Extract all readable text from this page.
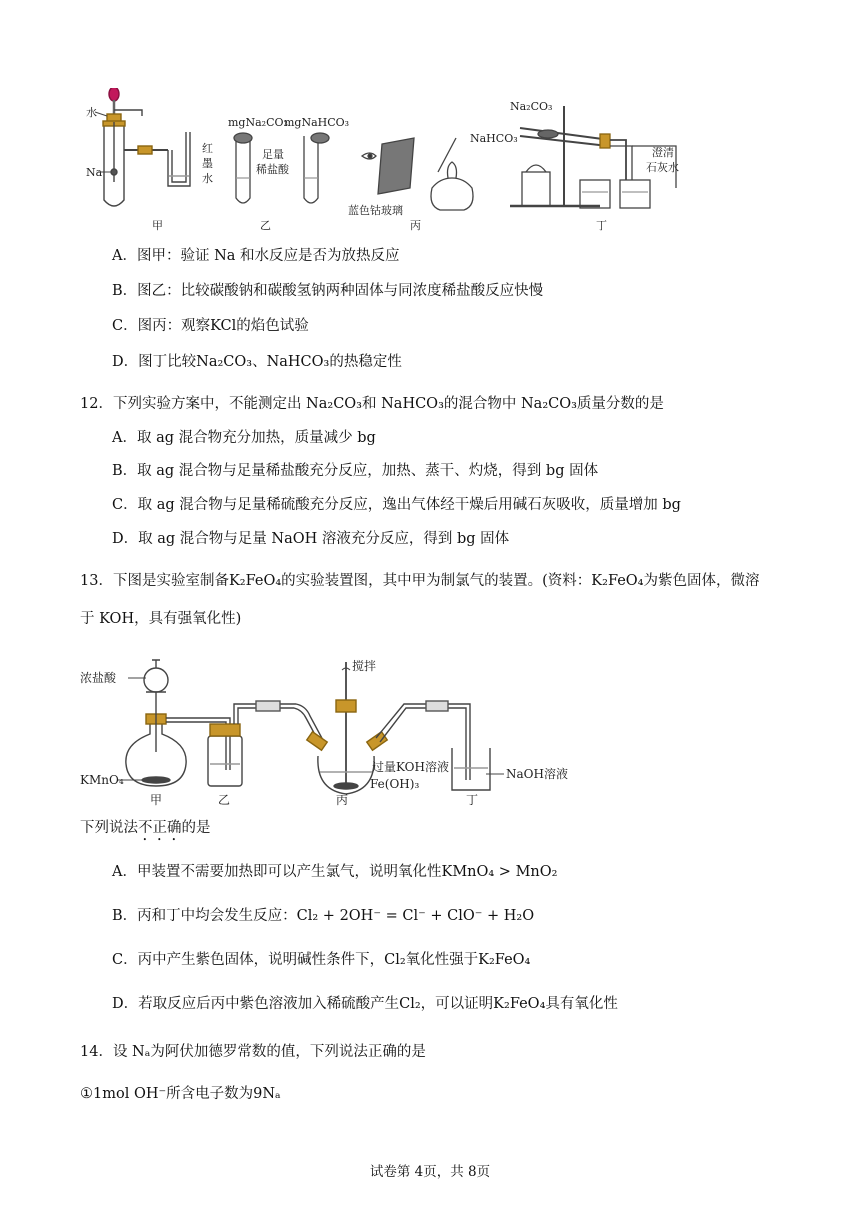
水
Na
红
墨
水
甲
mgNa₂CO₃
mgNaHCO₃
足量
稀盐酸
乙
蓝色钴玻璃
丙
Na₂CO₃
NaHCO₃
澄清
石灰水
丁
A．图甲：验证 Na 和水反应是否为放热反应
B．图乙：比较碳酸钠和碳酸氢钠两种固体与同浓度稀盐酸反应快慢
C．图丙：观察KCl的焰色试验
D．图丁比较Na₂CO₃、NaHCO₃的热稳定性
12．下列实验方案中，不能测定出 Na₂CO₃和 NaHCO₃的混合物中 Na₂CO₃质量分数的是
A．取 ag 混合物充分加热，质量减少 bg
B．取 ag 混合物与足量稀盐酸充分反应，加热、蒸干、灼烧，得到 bg 固体
C．取 ag 混合物与足量稀硫酸充分反应，逸出气体经干燥后用碱石灰吸收，质量增加 bg
D．取 ag 混合物与足量 NaOH 溶液充分反应，得到 bg 固体
13．下图是实验室制备K₂FeO₄的实验装置图，其中甲为制氯气的装置。(资料：K₂FeO₄为紫色固体，微溶
于 KOH，具有强氧化性)
搅拌
浓盐酸
KMnO₄
过量KOH溶液
Fe(OH)₃
NaOH溶液
甲	乙	丙	丁
下列说法不正确的是
A．甲装置不需要加热即可以产生氯气，说明氧化性KMnO₄ > MnO₂
B．丙和丁中均会发生反应：Cl₂ + 2OH⁻ = Cl⁻ + ClO⁻ + H₂O
C．丙中产生紫色固体，说明碱性条件下，Cl₂氧化性强于K₂FeO₄
D．若取反应后丙中紫色溶液加入稀硫酸产生Cl₂，可以证明K₂FeO₄具有氧化性
14．设 Nₐ为阿伏加德罗常数的值，下列说法正确的是
①1mol OH⁻所含电子数为9Nₐ
试卷第 4页，共 8页
